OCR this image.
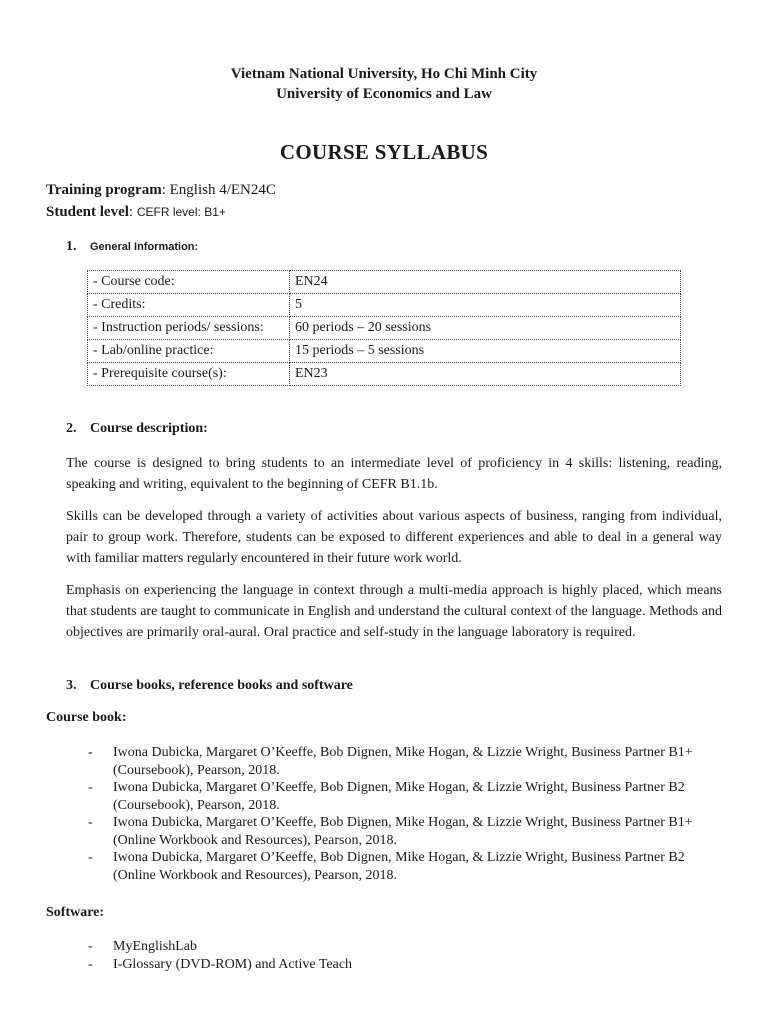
Vietnam National University, Ho Chi Minh City
University of Economics and Law
COURSE SYLLABUS
Training program: English 4/EN24C
Student level: CEFR level: B1+
1. General Information:
- Course code:	EN24
- Credits:	5
- Instruction periods/ sessions:	60 periods – 20 sessions
- Lab/online practice:	15 periods – 5 sessions
- Prerequisite course(s):	EN23
2. Course description:
The course is designed to bring students to an intermediate level of proficiency in 4 skills: listening, reading, speaking and writing, equivalent to the beginning of CEFR B1.1b.
Skills can be developed through a variety of activities about various aspects of business, ranging from individual, pair to group work. Therefore, students can be exposed to different experiences and able to deal in a general way with familiar matters regularly encountered in their future work world.
Emphasis on experiencing the language in context through a multi-media approach is highly placed, which means that students are taught to communicate in English and understand the cultural context of the language. Methods and objectives are primarily oral-aural. Oral practice and self-study in the language laboratory is required.
3. Course books, reference books and software
Course book:
- Iwona Dubicka, Margaret O’Keeffe, Bob Dignen, Mike Hogan, & Lizzie Wright, Business Partner B1+ (Coursebook), Pearson, 2018.
- Iwona Dubicka, Margaret O’Keeffe, Bob Dignen, Mike Hogan, & Lizzie Wright, Business Partner B2 (Coursebook), Pearson, 2018.
- Iwona Dubicka, Margaret O’Keeffe, Bob Dignen, Mike Hogan, & Lizzie Wright, Business Partner B1+ (Online Workbook and Resources), Pearson, 2018.
- Iwona Dubicka, Margaret O’Keeffe, Bob Dignen, Mike Hogan, & Lizzie Wright, Business Partner B2 (Online Workbook and Resources), Pearson, 2018.
Software:
- MyEnglishLab
- I-Glossary (DVD-ROM) and Active Teach
